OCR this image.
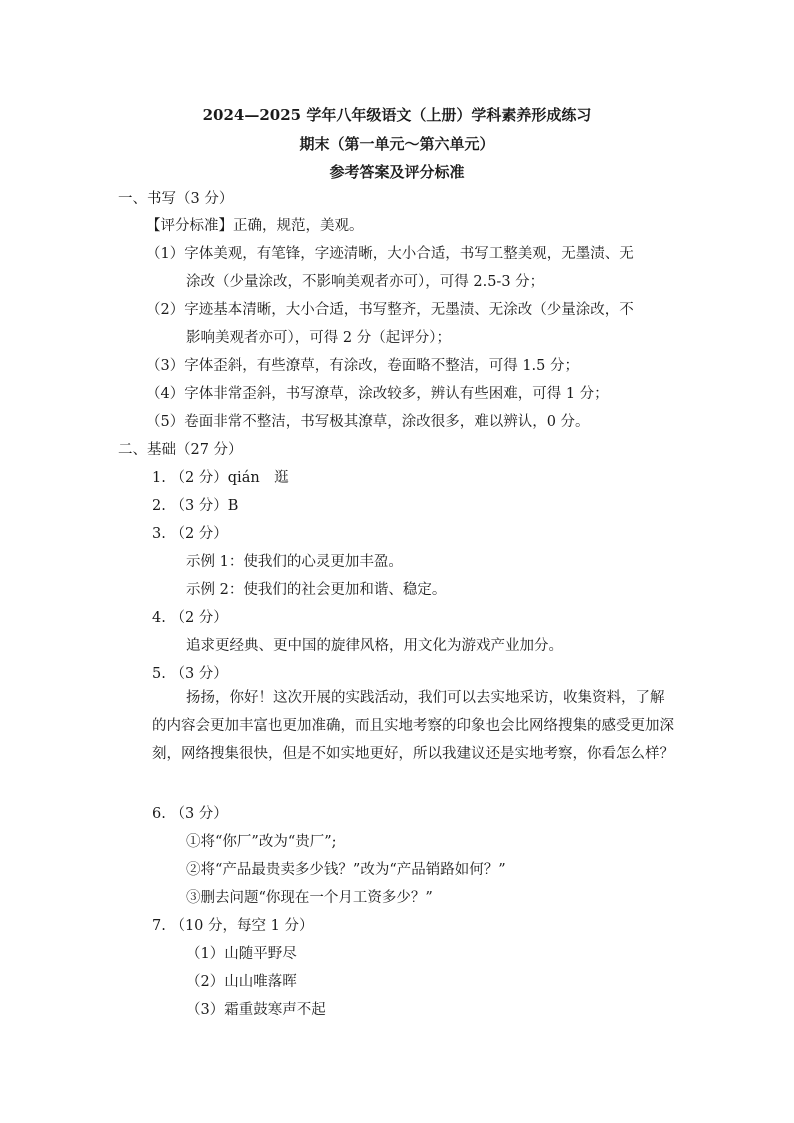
2024—2025 学年八年级语文（上册）学科素养形成练习
期末（第一单元～第六单元）
参考答案及评分标准
一、书写（3 分）
【评分标准】正确，规范，美观。
（1）字体美观，有笔锋，字迹清晰，大小合适，书写工整美观，无墨渍、无
涂改（少量涂改，不影响美观者亦可），可得 2.5-3 分；
（2）字迹基本清晰，大小合适，书写整齐，无墨渍、无涂改（少量涂改，不
影响美观者亦可），可得 2 分（起评分）；
（3）字体歪斜，有些潦草，有涂改，卷面略不整洁，可得 1.5 分；
（4）字体非常歪斜，书写潦草，涂改较多，辨认有些困难，可得 1 分；
（5）卷面非常不整洁，书写极其潦草，涂改很多，难以辨认，0 分。
二、基础（27 分）
1. （2 分）qián　逛
2. （3 分）B
3. （2 分）
示例 1：使我们的心灵更加丰盈。
示例 2：使我们的社会更加和谐、稳定。
4. （2 分）
追求更经典、更中国的旋律风格，用文化为游戏产业加分。
5. （3 分）
扬扬，你好！这次开展的实践活动，我们可以去实地采访，收集资料，了解的内容会更加丰富也更加准确，而且实地考察的印象也会比网络搜集的感受更加深刻，网络搜集很快，但是不如实地更好，所以我建议还是实地考察，你看怎么样？
6. （3 分）
①将“你厂”改为“贵厂”;
②将“产品最贵卖多少钱？”改为“产品销路如何？”
③删去问题“你现在一个月工资多少？”
7. （10 分，每空 1 分）
（1）山随平野尽
（2）山山唯落晖
（3）霜重鼓寒声不起
